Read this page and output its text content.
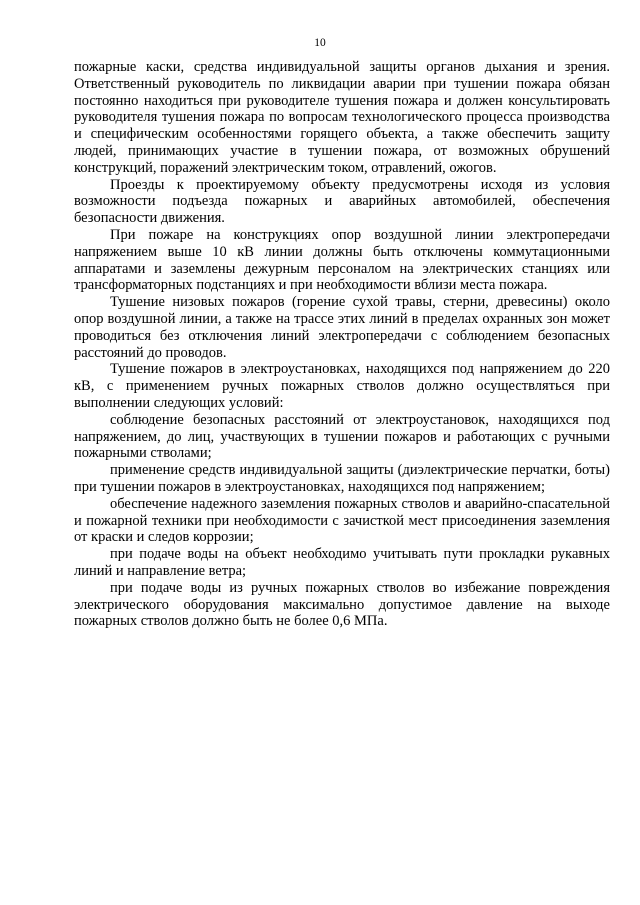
10

пожарные каски, средства индивидуальной защиты органов дыхания и зрения. Ответственный руководитель по ликвидации аварии при тушении пожара обязан постоянно находиться при руководителе тушения пожара и должен консультировать руководителя тушения пожара по вопросам технологического процесса производства и специфическим особенностями горящего объекта, а также обеспечить защиту людей, принимающих участие в тушении пожара, от возможных обрушений конструкций, поражений электрическим током, отравлений, ожогов.

Проезды к проектируемому объекту предусмотрены исходя из условия возможности подъезда пожарных и аварийных автомобилей, обеспечения безопасности движения.

При пожаре на конструкциях опор воздушной линии электропередачи напряжением выше 10 кВ линии должны быть отключены коммутационными аппаратами и заземлены дежурным персоналом на электрических станциях или трансформаторных подстанциях и при необходимости вблизи места пожара.

Тушение низовых пожаров (горение сухой травы, стерни, древесины) около опор воздушной линии, а также на трассе этих линий в пределах охранных зон может проводиться без отключения линий электропередачи с соблюдением безопасных расстояний до проводов.

Тушение пожаров в электроустановках, находящихся под напряжением до 220 кВ, с применением ручных пожарных стволов должно осуществляться при выполнении следующих условий:

соблюдение безопасных расстояний от электроустановок, находящихся под напряжением, до лиц, участвующих в тушении пожаров и работающих с ручными пожарными стволами;

применение средств индивидуальной защиты (диэлектрические перчатки, боты) при тушении пожаров в электроустановках, находящихся под напряжением;

обеспечение надежного заземления пожарных стволов и аварийно-спасательной и пожарной техники при необходимости с зачисткой мест присоединения заземления от краски и следов коррозии;

при подаче воды на объект необходимо учитывать пути прокладки рукавных линий и направление ветра;

при подаче воды из ручных пожарных стволов во избежание повреждения электрического оборудования максимально допустимое давление на выходе пожарных стволов должно быть не более 0,6 МПа.
